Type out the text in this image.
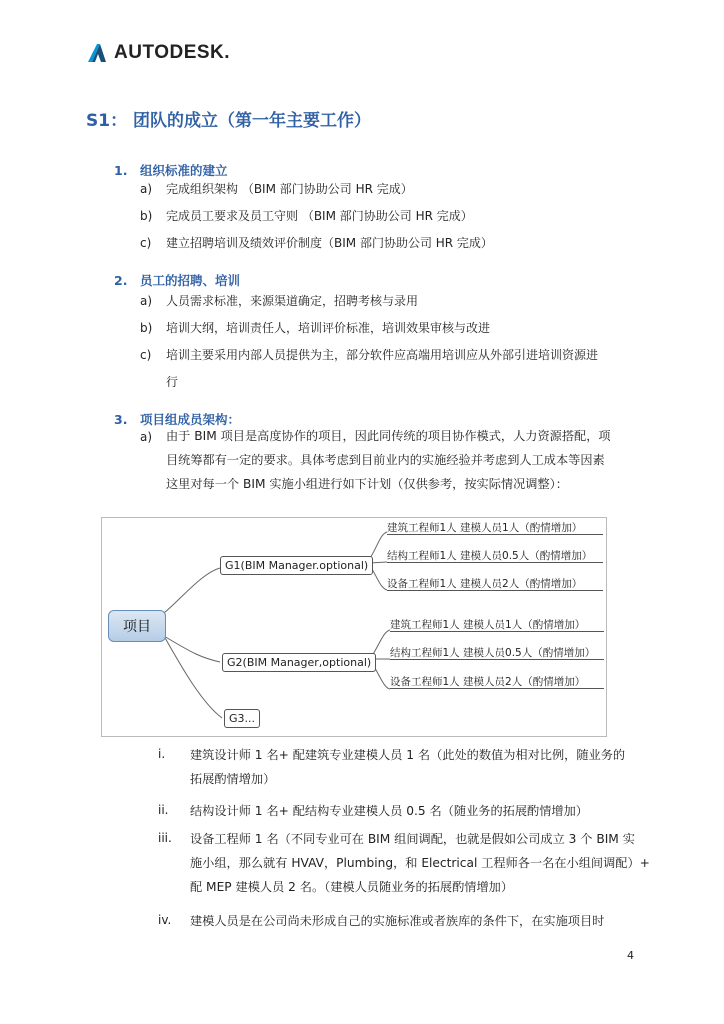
AUTODESK.
S1： 团队的成立（第一年主要工作）
1. 组织标准的建立
a) 完成组织架构 （BIM 部门协助公司 HR 完成）
b) 完成员工要求及员工守则 （BIM 部门协助公司 HR 完成）
c) 建立招聘培训及绩效评价制度（BIM 部门协助公司 HR 完成）
2. 员工的招聘、培训
a) 人员需求标准，来源渠道确定，招聘考核与录用
b) 培训大纲，培训责任人，培训评价标准，培训效果审核与改进
c) 培训主要采用内部人员提供为主，部分软件应高端用培训应从外部引进培训资源进
行
3. 项目组成员架构：
a) 由于 BIM 项目是高度协作的项目，因此同传统的项目协作模式，人力资源搭配，项
目统筹都有一定的要求。具体考虑到目前业内的实施经验并考虑到人工成本等因素
这里对每一个 BIM 实施小组进行如下计划（仅供参考，按实际情况调整）：
项目
G1(BIM Manager.optional)
建筑工程师1人 建模人员1人（酌情增加）
结构工程师1人 建模人员0.5人（酌情增加）
设备工程师1人 建模人员2人（酌情增加）
G2(BIM Manager,optional)
建筑工程师1人 建模人员1人（酌情增加）
结构工程师1人 建模人员0.5人（酌情增加）
设备工程师1人 建模人员2人（酌情增加）
G3...
i. 建筑设计师 1 名+ 配建筑专业建模人员 1 名（此处的数值为相对比例，随业务的
拓展酌情增加）
ii. 结构设计师 1 名+ 配结构专业建模人员 0.5 名（随业务的拓展酌情增加）
iii. 设备工程师 1 名（不同专业可在 BIM 组间调配，也就是假如公司成立 3 个 BIM 实
施小组，那么就有 HVAV，Plumbing，和 Electrical 工程师各一名在小组间调配）+
配 MEP 建模人员 2 名。（建模人员随业务的拓展酌情增加）
iv. 建模人员是在公司尚未形成自己的实施标准或者族库的条件下，在实施项目时
4
